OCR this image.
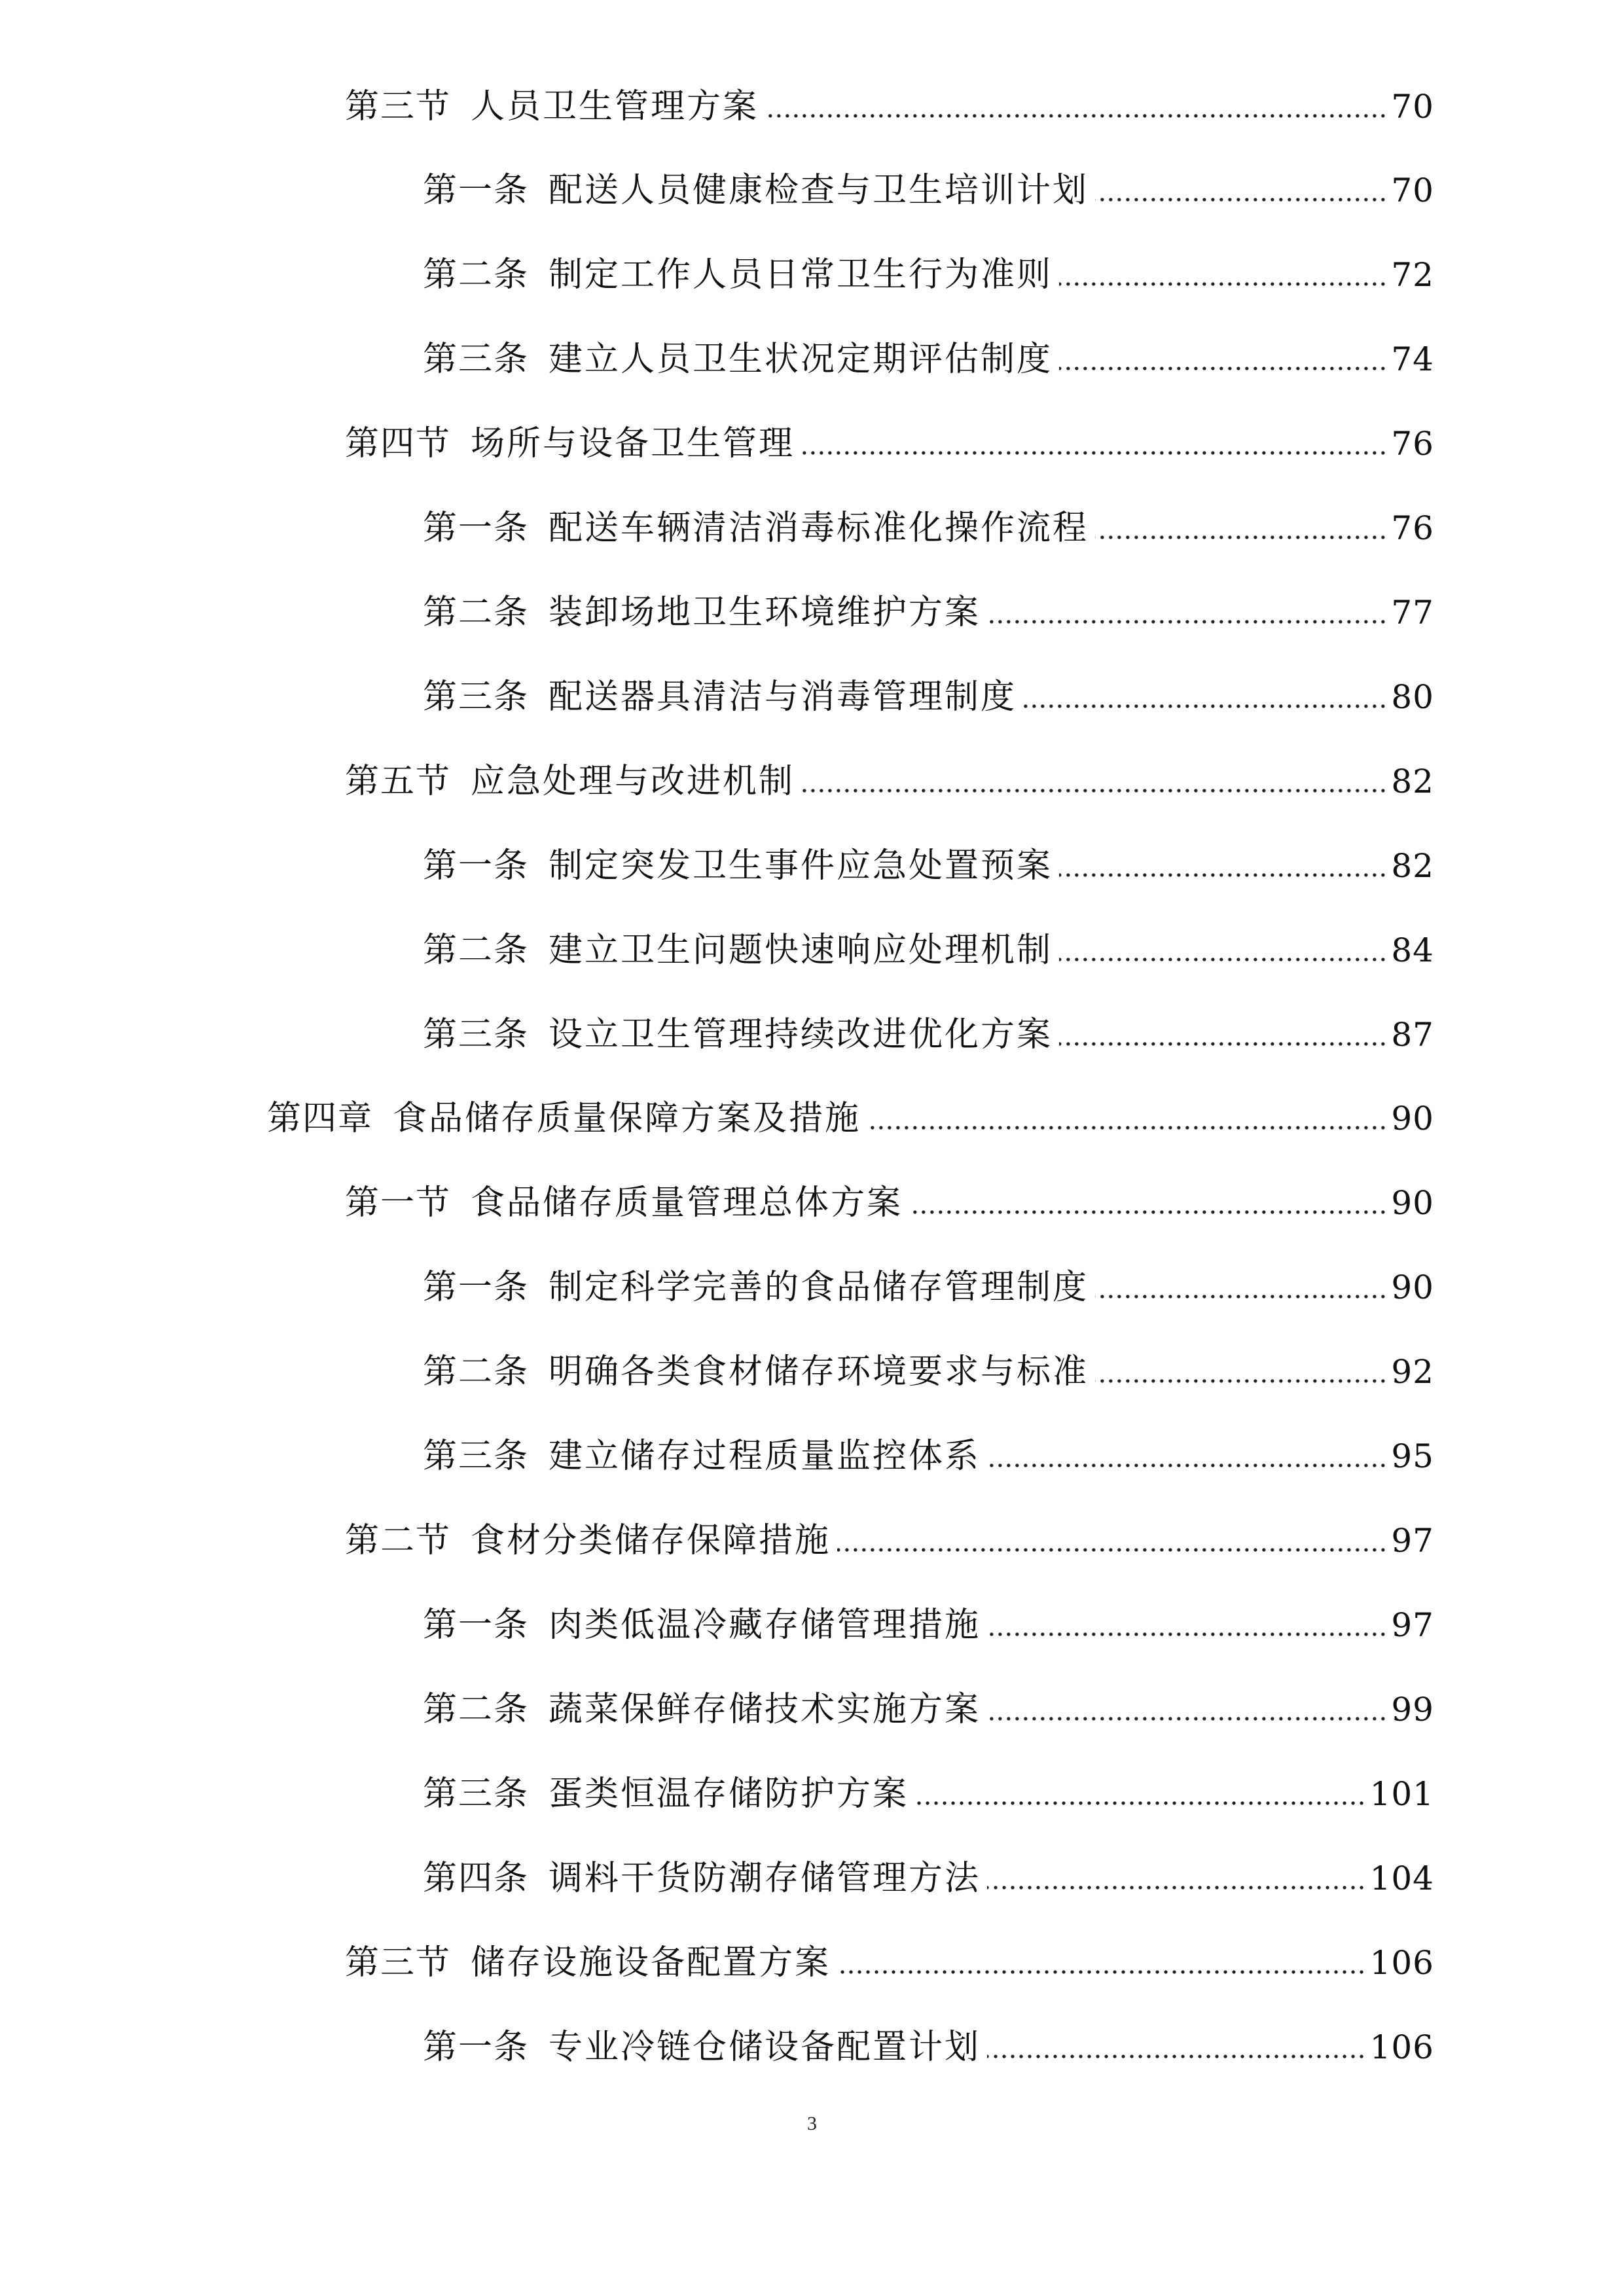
第三节 人员卫生管理方案	70
第一条 配送人员健康检查与卫生培训计划	70
第二条 制定工作人员日常卫生行为准则	72
第三条 建立人员卫生状况定期评估制度	74
第四节 场所与设备卫生管理	76
第一条 配送车辆清洁消毒标准化操作流程	76
第二条 装卸场地卫生环境维护方案	77
第三条 配送器具清洁与消毒管理制度	80
第五节 应急处理与改进机制	82
第一条 制定突发卫生事件应急处置预案	82
第二条 建立卫生问题快速响应处理机制	84
第三条 设立卫生管理持续改进优化方案	87
第四章 食品储存质量保障方案及措施	90
第一节 食品储存质量管理总体方案	90
第一条 制定科学完善的食品储存管理制度	90
第二条 明确各类食材储存环境要求与标准	92
第三条 建立储存过程质量监控体系	95
第二节 食材分类储存保障措施	97
第一条 肉类低温冷藏存储管理措施	97
第二条 蔬菜保鲜存储技术实施方案	99
第三条 蛋类恒温存储防护方案	101
第四条 调料干货防潮存储管理方法	104
第三节 储存设施设备配置方案	106
第一条 专业冷链仓储设备配置计划	106
3
